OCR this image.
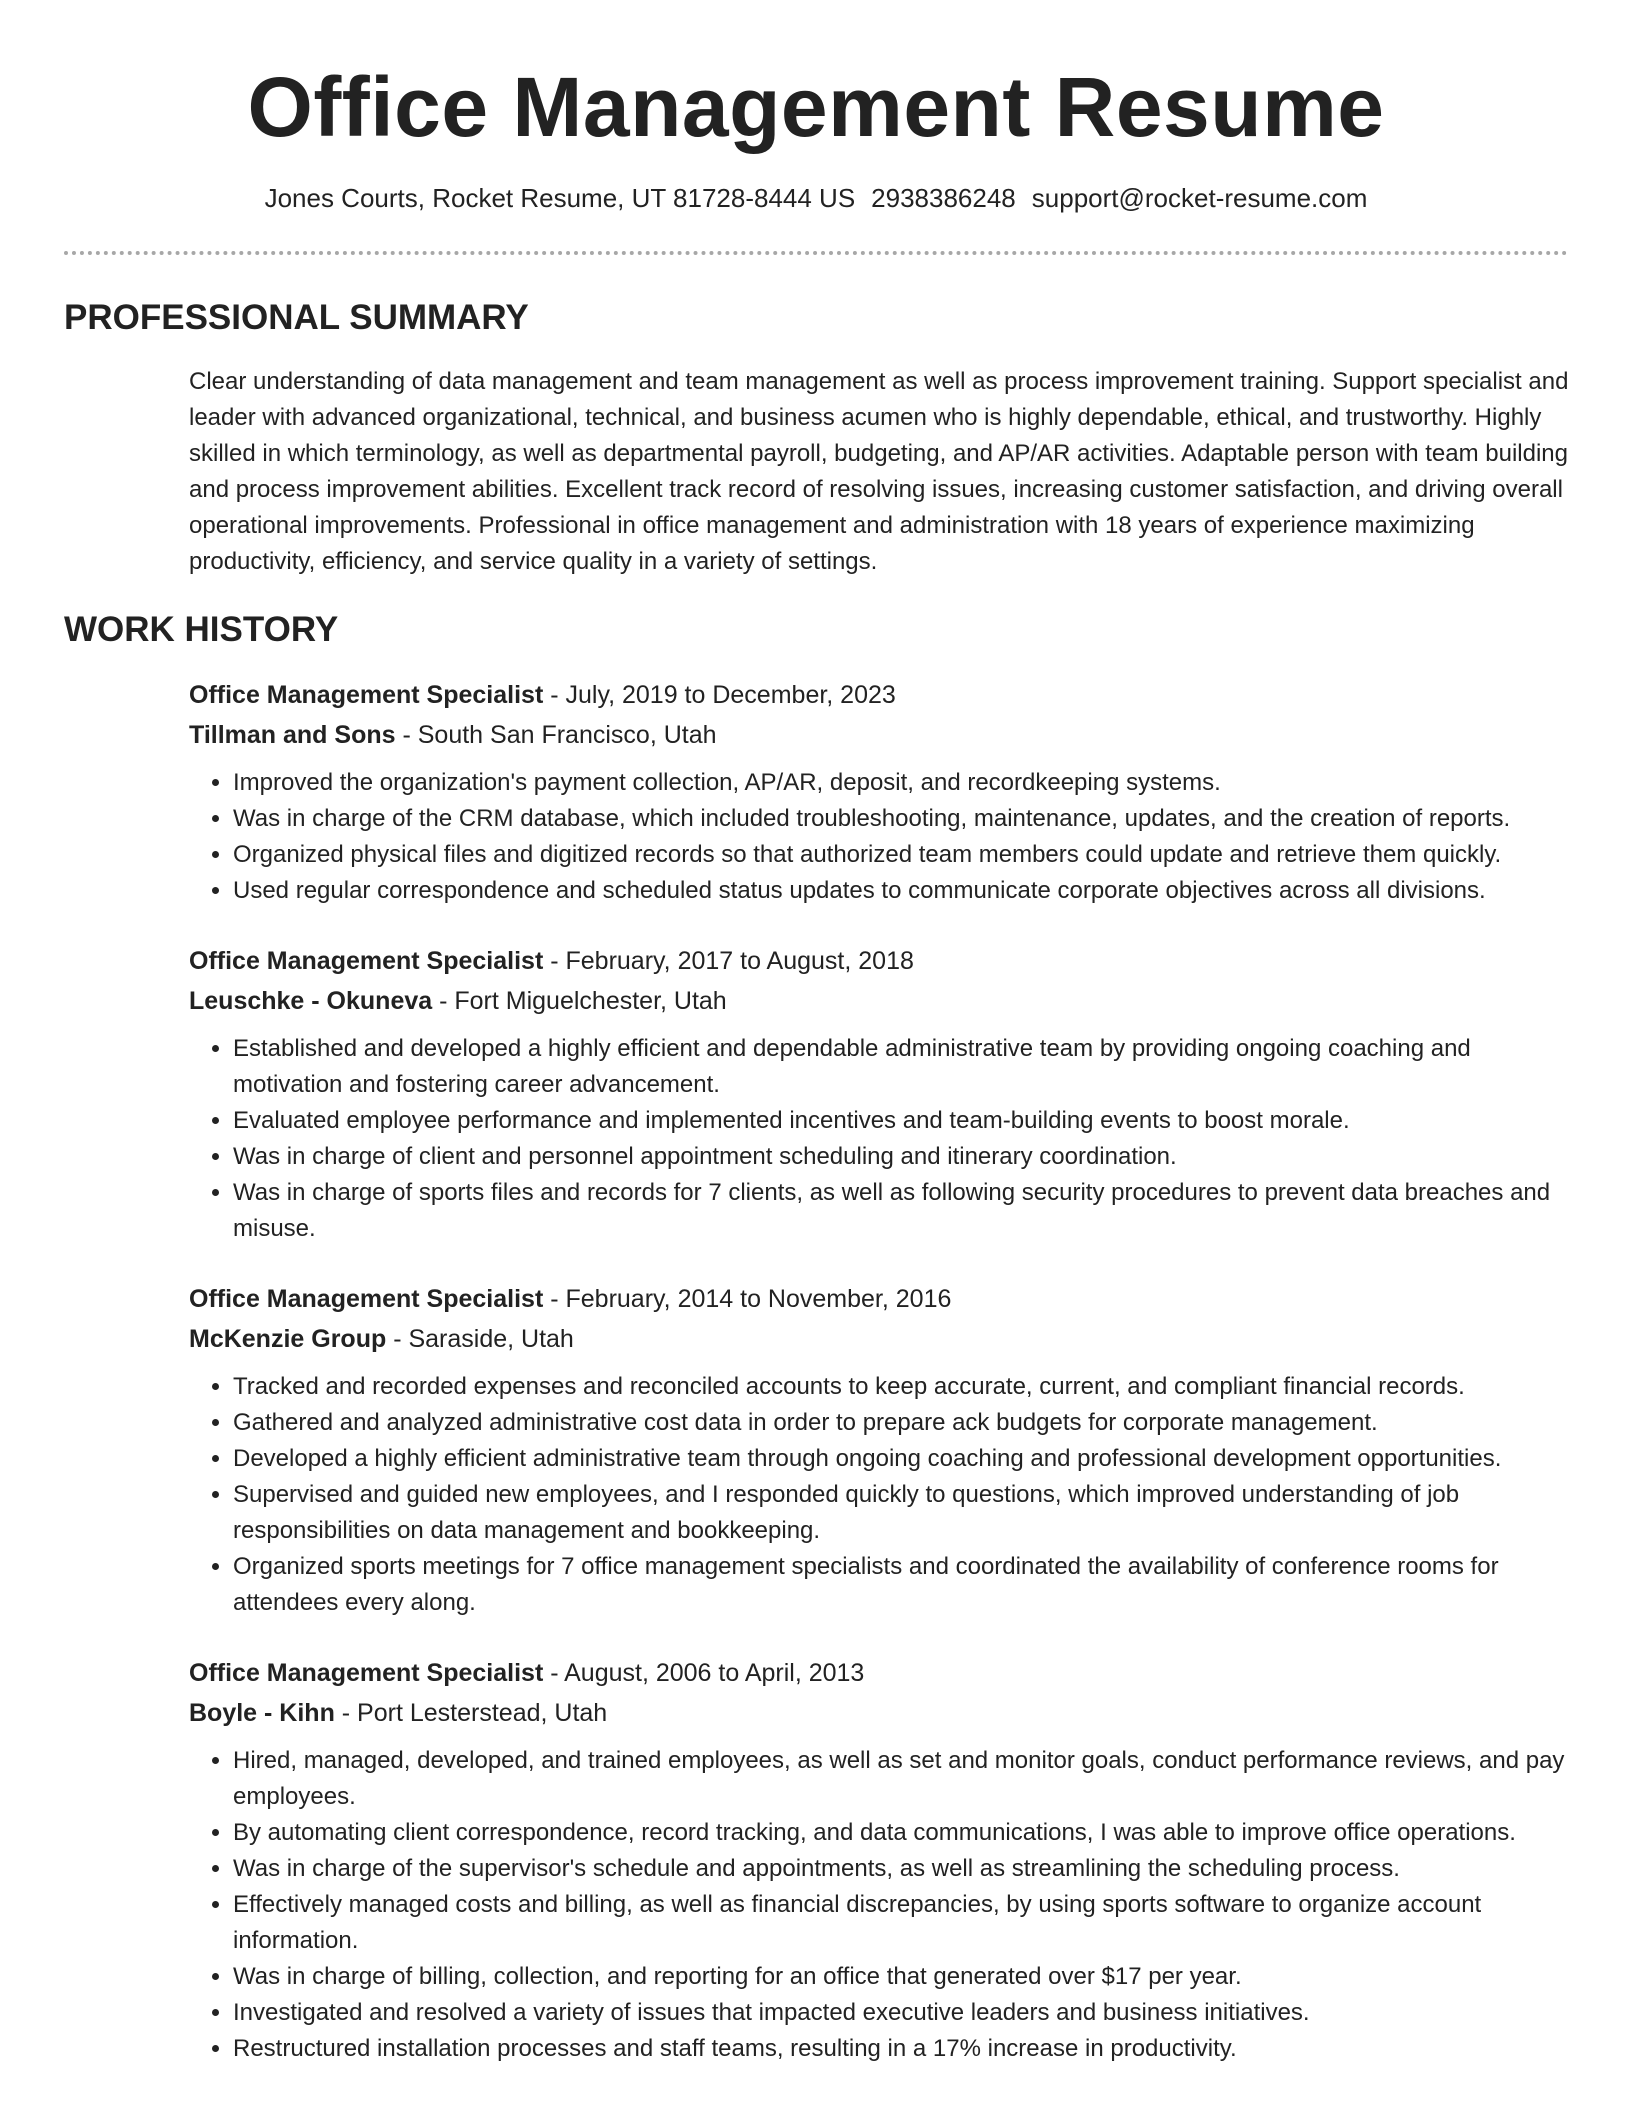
Office Management Resume
Jones Courts, Rocket Resume, UT 81728-8444 US 2938386248 support@rocket-resume.com
PROFESSIONAL SUMMARY

Clear understanding of data management and team management as well as process improvement training. Support specialist and leader with advanced organizational, technical, and business acumen who is highly dependable, ethical, and trustworthy. Highly skilled in which terminology, as well as departmental payroll, budgeting, and AP/AR activities. Adaptable person with team building and process improvement abilities. Excellent track record of resolving issues, increasing customer satisfaction, and driving overall operational improvements. Professional in office management and administration with 18 years of experience maximizing productivity, efficiency, and service quality in a variety of settings.

WORK HISTORY

Office Management Specialist - July, 2019 to December, 2023

Tillman and Sons - South San Francisco, Utah

• Improved the organization's payment collection, AP/AR, deposit, and recordkeeping systems.
• Was in charge of the CRM database, which included troubleshooting, maintenance, updates, and the creation of reports.
• Organized physical files and digitized records so that authorized team members could update and retrieve them quickly.
• Used regular correspondence and scheduled status updates to communicate corporate objectives across all divisions.

Office Management Specialist - February, 2017 to August, 2018

Leuschke - Okuneva - Fort Miguelchester, Utah

• Established and developed a highly efficient and dependable administrative team by providing ongoing coaching and motivation and fostering career advancement.
• Evaluated employee performance and implemented incentives and team-building events to boost morale.
• Was in charge of client and personnel appointment scheduling and itinerary coordination.
• Was in charge of sports files and records for 7 clients, as well as following security procedures to prevent data breaches and misuse.

Office Management Specialist - February, 2014 to November, 2016

McKenzie Group - Saraside, Utah

• Tracked and recorded expenses and reconciled accounts to keep accurate, current, and compliant financial records.
• Gathered and analyzed administrative cost data in order to prepare ack budgets for corporate management.
• Developed a highly efficient administrative team through ongoing coaching and professional development opportunities.
• Supervised and guided new employees, and I responded quickly to questions, which improved understanding of job responsibilities on data management and bookkeeping.
• Organized sports meetings for 7 office management specialists and coordinated the availability of conference rooms for attendees every along.

Office Management Specialist - August, 2006 to April, 2013

Boyle - Kihn - Port Lesterstead, Utah

• Hired, managed, developed, and trained employees, as well as set and monitor goals, conduct performance reviews, and pay employees.
• By automating client correspondence, record tracking, and data communications, I was able to improve office operations.
• Was in charge of the supervisor's schedule and appointments, as well as streamlining the scheduling process.
• Effectively managed costs and billing, as well as financial discrepancies, by using sports software to organize account information.
• Was in charge of billing, collection, and reporting for an office that generated over $17 per year.
• Investigated and resolved a variety of issues that impacted executive leaders and business initiatives.
• Restructured installation processes and staff teams, resulting in a 17% increase in productivity.
